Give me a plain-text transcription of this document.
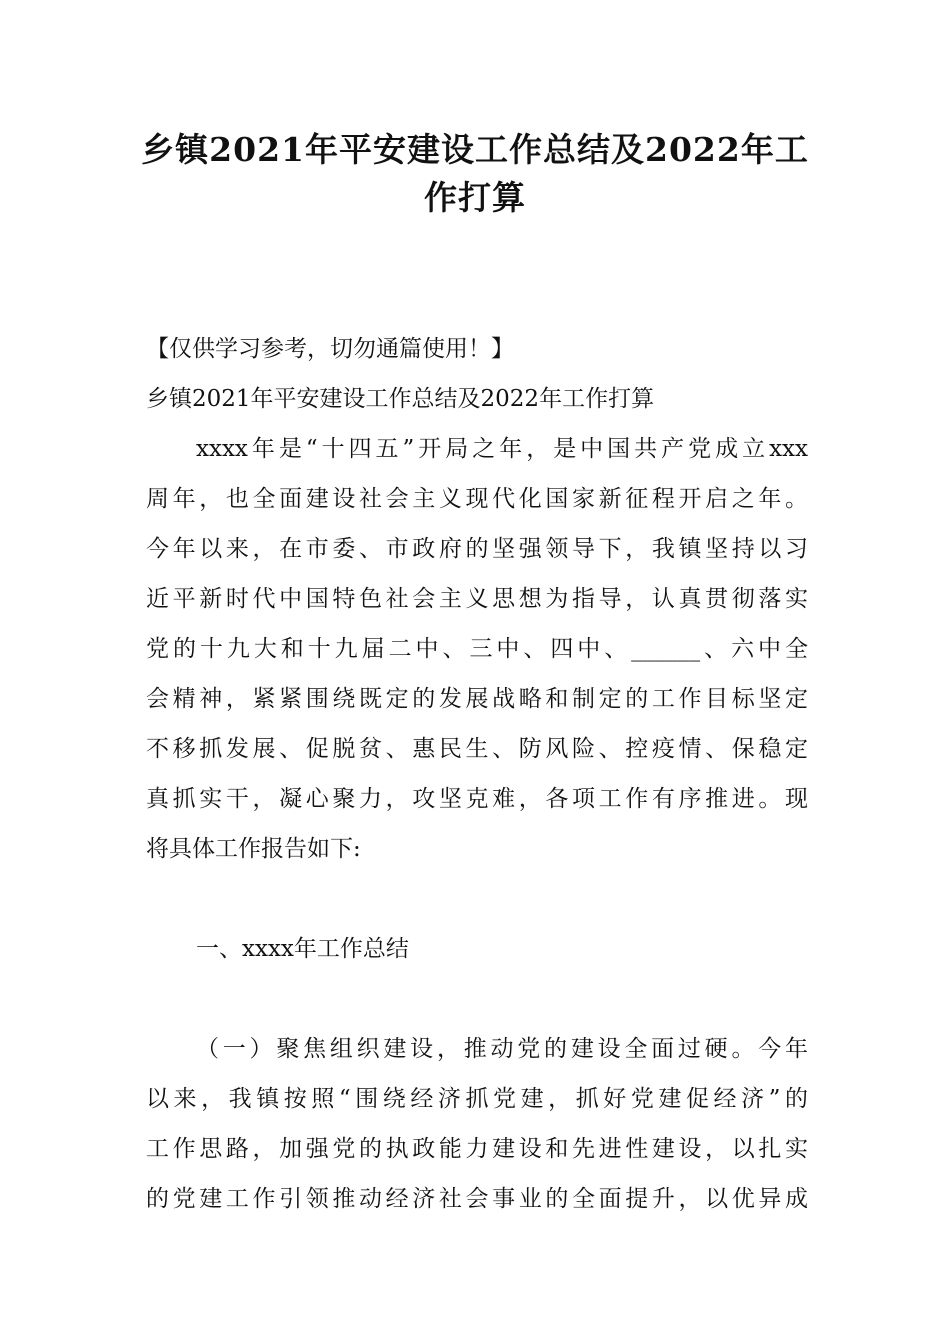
乡镇2021年平安建设工作总结及2022年工
作打算
【仅供学习参考，切勿通篇使用！】
乡镇2021年平安建设工作总结及2022年工作打算
xxxx年是“十四五”开局之年，是中国共产党成立xxx
周年，也全面建设社会主义现代化国家新征程开启之年。
今年以来，在市委、市政府的坚强领导下，我镇坚持以习
近平新时代中国特色社会主义思想为指导，认真贯彻落实
党的十九大和十九届二中、三中、四中、______、六中全
会精神，紧紧围绕既定的发展战略和制定的工作目标坚定
不移抓发展、促脱贫、惠民生、防风险、控疫情、保稳定
真抓实干，凝心聚力，攻坚克难，各项工作有序推进。现
将具体工作报告如下:
一、xxxx年工作总结
（一）聚焦组织建设，推动党的建设全面过硬。今年
以来，我镇按照“围绕经济抓党建，抓好党建促经济”的
工作思路，加强党的执政能力建设和先进性建设，以扎实
的党建工作引领推动经济社会事业的全面提升，以优异成
